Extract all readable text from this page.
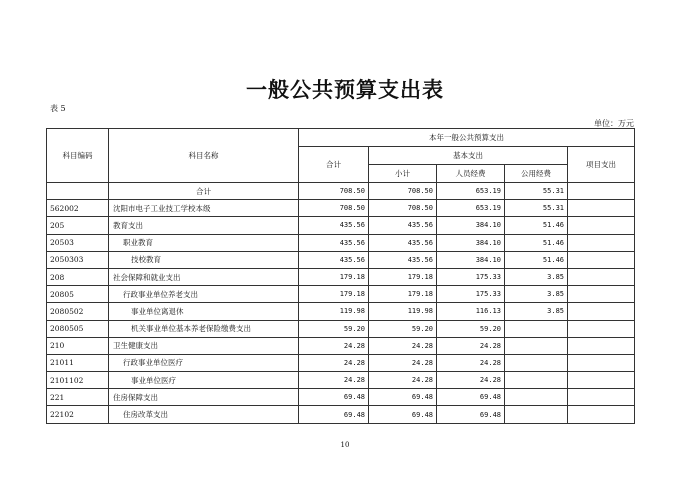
一般公共预算支出表
表 5
单位：万元
科目编码	科目名称	本年一般公共预算支出				
		合计	基本支出			项目支出
			小计	人员经费	公用经费	
	合计	708.50	708.50	653.19	55.31	
562002	沈阳市电子工业技工学校本级	708.50	708.50	653.19	55.31	
205	教育支出	435.56	435.56	384.10	51.46	
20503	职业教育	435.56	435.56	384.10	51.46	
2050303	技校教育	435.56	435.56	384.10	51.46	
208	社会保障和就业支出	179.18	179.18	175.33	3.85	
20805	行政事业单位养老支出	179.18	179.18	175.33	3.85	
2080502	事业单位离退休	119.98	119.98	116.13	3.85	
2080505	机关事业单位基本养老保险缴费支出	59.20	59.20	59.20		
210	卫生健康支出	24.28	24.28	24.28		
21011	行政事业单位医疗	24.28	24.28	24.28		
2101102	事业单位医疗	24.28	24.28	24.28		
221	住房保障支出	69.48	69.48	69.48		
22102	住房改革支出	69.48	69.48	69.48		
10
